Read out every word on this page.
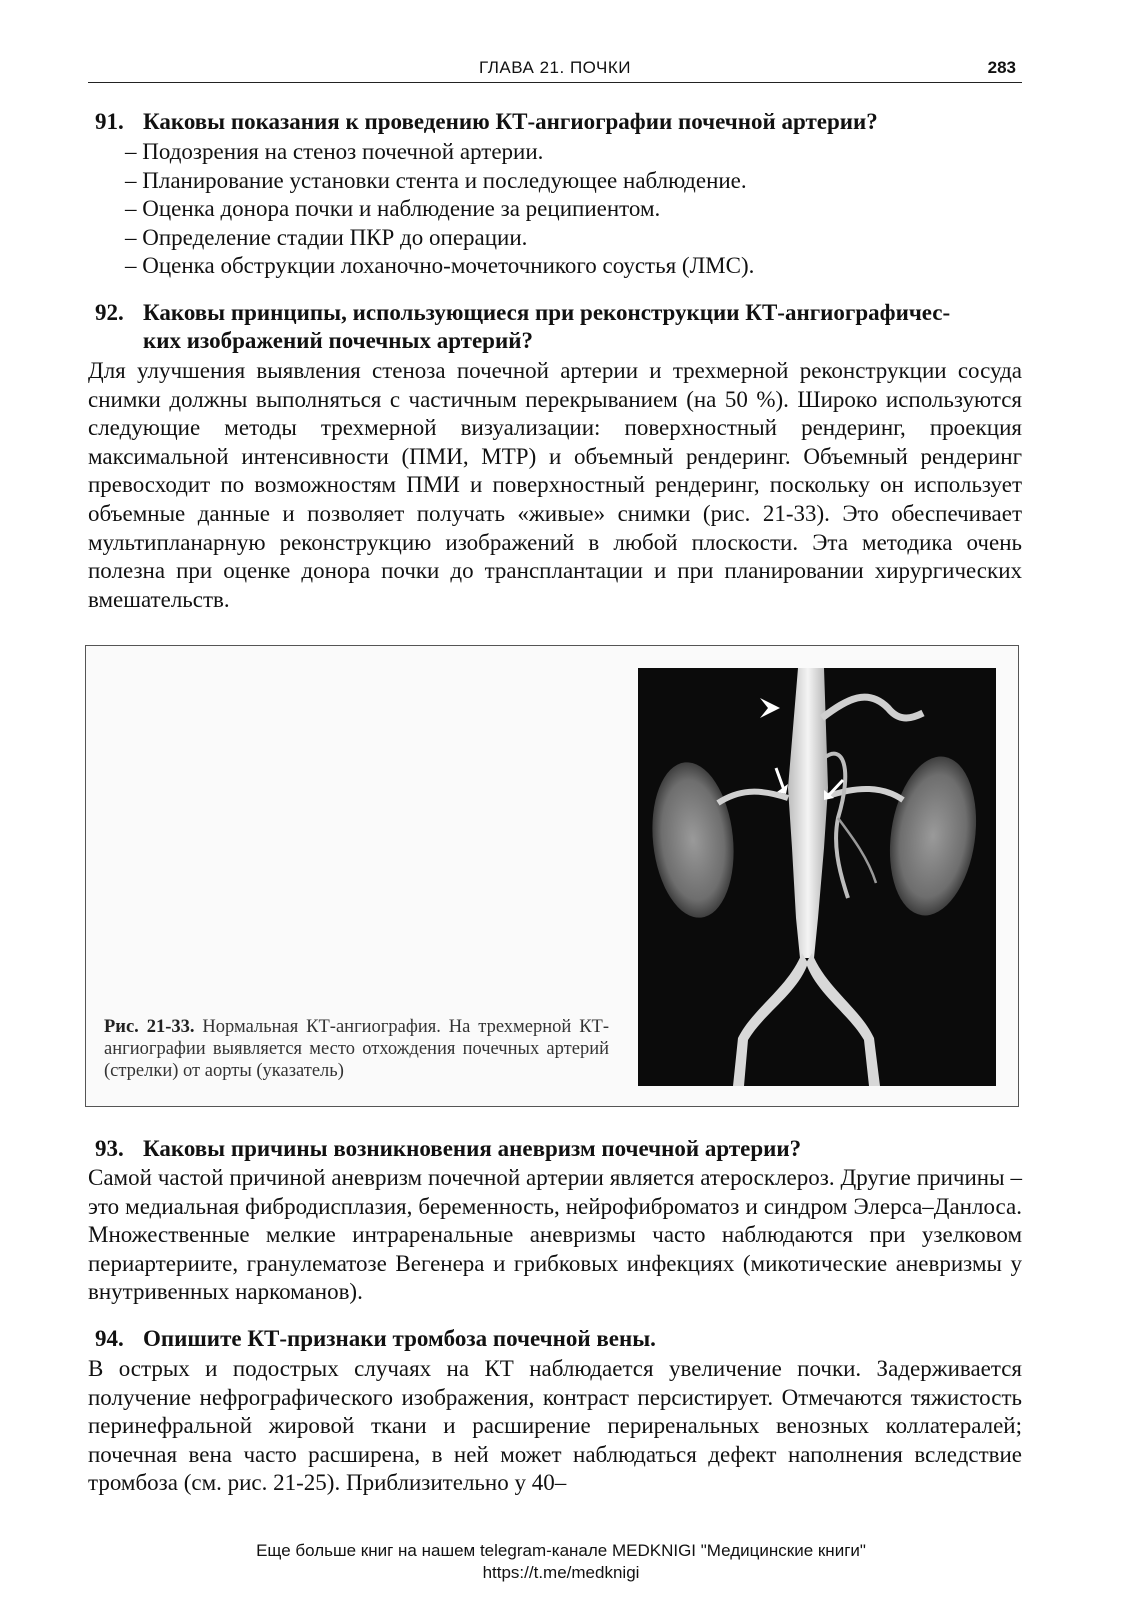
ГЛАВА 21. ПОЧКИ	283
91. Каковы показания к проведению КТ-ангиографии почечной артерии?
– Подозрения на стеноз почечной артерии.
– Планирование установки стента и последующее наблюдение.
– Оценка донора почки и наблюдение за реципиентом.
– Определение стадии ПКР до операции.
– Оценка обструкции лоханочно-мочеточникого соустья (ЛМС).
92. Каковы принципы, использующиеся при реконструкции КТ-ангиографичес-
ких изображений почечных артерий?
Для улучшения выявления стеноза почечной артерии и трехмерной реконструкции сосуда снимки должны выполняться с частичным перекрыванием (на 50 %). Широко используются следующие методы трехмерной визуализации: поверхностный рендеринг, проекция максимальной интенсивности (ПМИ, МТР) и объемный рендеринг. Объемный рендеринг превосходит по возможностям ПМИ и поверхностный рендеринг, поскольку он использует объемные данные и позволяет получать «живые» снимки (рис. 21-33). Это обеспечивает мультипланарную реконструкцию изображений в любой плоскости. Эта методика очень полезна при оценке донора почки до трансплантации и при планировании хирургических вмешательств.
Рис. 21-33. Нормальная КТ-ангиография. На трехмерной КТ-ангиографии выявляется место отхождения почечных артерий (стрелки) от аорты (указатель)
93. Каковы причины возникновения аневризм почечной артерии?
Самой частой причиной аневризм почечной артерии является атеросклероз. Другие причины – это медиальная фибродисплазия, беременность, нейрофиброматоз и синдром Элерса–Данлоса. Множественные мелкие интраренальные аневризмы часто наблюдаются при узелковом периартериите, гранулематозе Вегенера и грибковых инфекциях (микотические аневризмы у внутривенных наркоманов).
94. Опишите КТ-признаки тромбоза почечной вены.
В острых и подострых случаях на КТ наблюдается увеличение почки. Задерживается получение нефрографического изображения, контраст персистирует. Отмечаются тяжистость перинефральной жировой ткани и расширение периренальных венозных коллатералей; почечная вена часто расширена, в ней может наблюдаться дефект наполнения вследствие тромбоза (см. рис. 21-25). Приблизительно у 40–
Еще больше книг на нашем telegram-канале MEDKNIGI "Медицинские книги"
https://t.me/medknigi
